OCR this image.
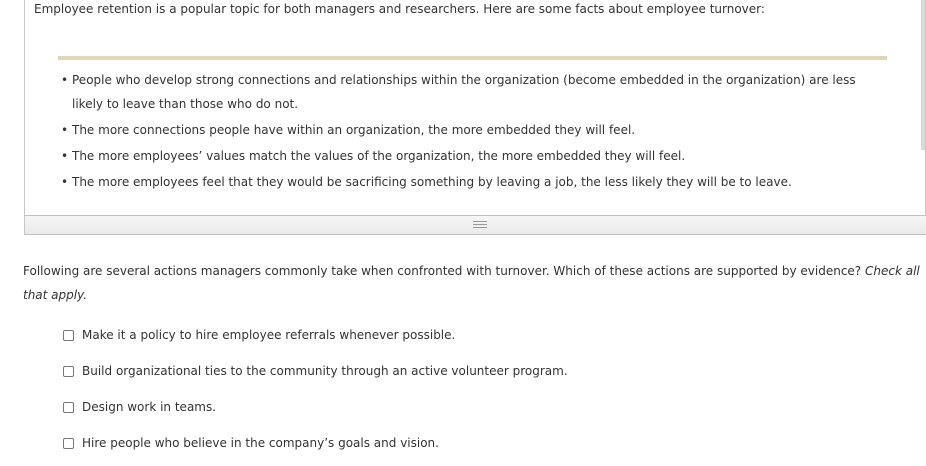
Employee retention is a popular topic for both managers and researchers. Here are some facts about employee turnover:

• People who develop strong connections and relationships within the organization (become embedded in the organization) are less likely to leave than those who do not.
• The more connections people have within an organization, the more embedded they will feel.
• The more employees’ values match the values of the organization, the more embedded they will feel.
• The more employees feel that they would be sacrificing something by leaving a job, the less likely they will be to leave.

Following are several actions managers commonly take when confronted with turnover. Which of these actions are supported by evidence? Check all that apply.

Make it a policy to hire employee referrals whenever possible.
Build organizational ties to the community through an active volunteer program.
Design work in teams.
Hire people who believe in the company’s goals and vision.
